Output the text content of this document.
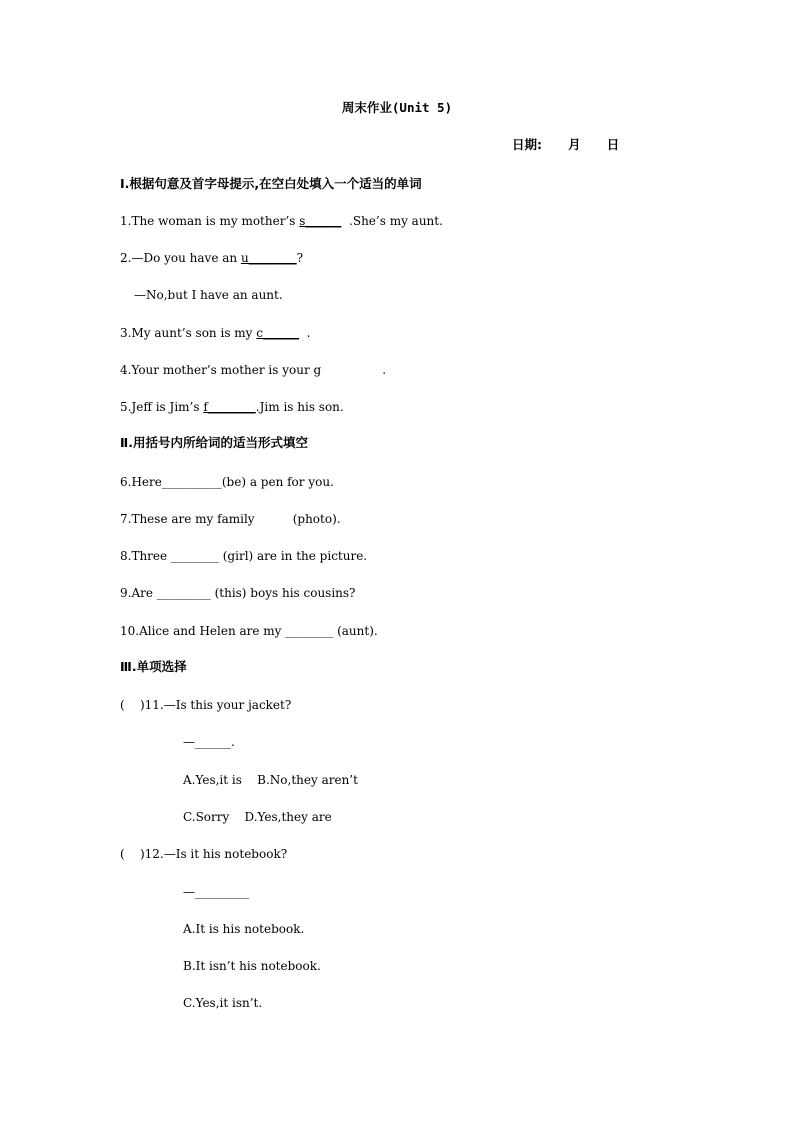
周末作业(Unit 5)
日期:      月      日
Ⅰ.根据句意及首字母提示,在空白处填入一个适当的单词
1.The woman is my mother’s s______  .She’s my aunt.
2.—Do you have an u________?
—No,but I have an aunt.
3.My aunt’s son is my c______  .
4.Your mother’s mother is your g                .
5.Jeff is Jim’s f________.Jim is his son.
Ⅱ.用括号内所给词的适当形式填空
6.Here__________(be) a pen for you.
7.These are my family          (photo).
8.Three ________ (girl) are in the picture.
9.Are _________ (this) boys his cousins?
10.Alice and Helen are my ________ (aunt).
Ⅲ.单项选择
(    )11.—Is this your jacket?
—______.
A.Yes,it is    B.No,they aren’t
C.Sorry    D.Yes,they are
(    )12.—Is it his notebook?
—_________
A.It is his notebook.
B.It isn’t his notebook.
C.Yes,it isn’t.
